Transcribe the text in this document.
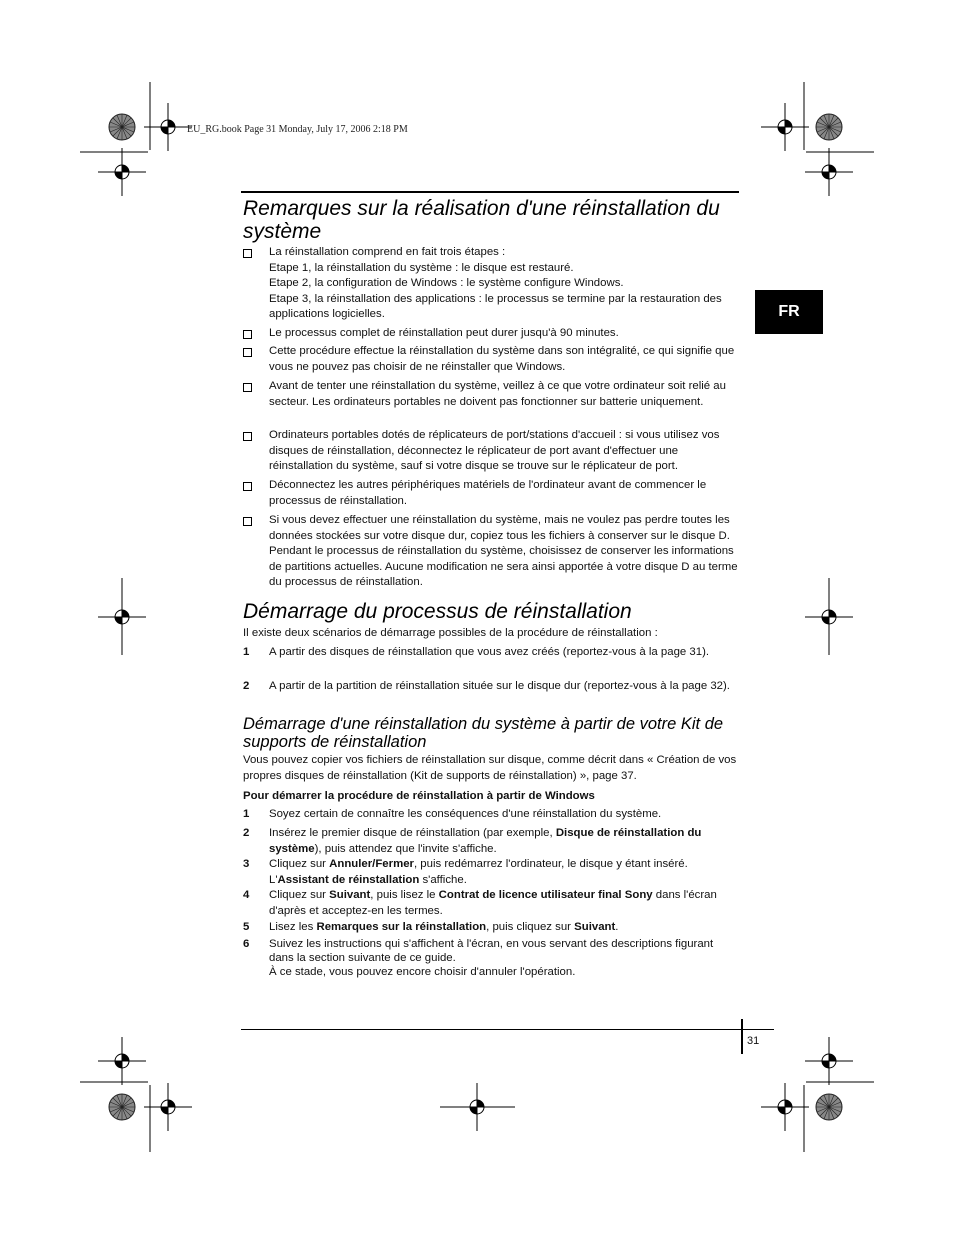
EU_RG.book Page 31 Monday, July 17, 2006 2:18 PM
Remarques sur la réalisation d'une réinstallation du
système
FR
La réinstallation comprend en fait trois étapes :
Etape 1, la réinstallation du système : le disque est restauré.
Etape 2, la configuration de Windows : le système configure Windows.
Etape 3, la réinstallation des applications : le processus se termine par la restauration des applications logicielles.
Le processus complet de réinstallation peut durer jusqu'à 90 minutes.
Cette procédure effectue la réinstallation du système dans son intégralité, ce qui signifie que vous ne pouvez pas choisir de ne réinstaller que Windows.
Avant de tenter une réinstallation du système, veillez à ce que votre ordinateur soit relié au secteur. Les ordinateurs portables ne doivent pas fonctionner sur batterie uniquement.
Ordinateurs portables dotés de réplicateurs de port/stations d'accueil : si vous utilisez vos disques de réinstallation, déconnectez le réplicateur de port avant d'effectuer une réinstallation du système, sauf si votre disque se trouve sur le réplicateur de port.
Déconnectez les autres périphériques matériels de l'ordinateur avant de commencer le processus de réinstallation.
Si vous devez effectuer une réinstallation du système, mais ne voulez pas perdre toutes les données stockées sur votre disque dur, copiez tous les fichiers à conserver sur le disque D. Pendant le processus de réinstallation du système, choisissez de conserver les informations de partitions actuelles. Aucune modification ne sera ainsi apportée à votre disque D au terme du processus de réinstallation.
Démarrage du processus de réinstallation
Il existe deux scénarios de démarrage possibles de la procédure de réinstallation :
1 A partir des disques de réinstallation que vous avez créés (reportez-vous à la page 31).
2 A partir de la partition de réinstallation située sur le disque dur (reportez-vous à la page 32).
Démarrage d'une réinstallation du système à partir de votre Kit de
supports de réinstallation
Vous pouvez copier vos fichiers de réinstallation sur disque, comme décrit dans « Création de vos propres disques de réinstallation (Kit de supports de réinstallation) », page 37.
Pour démarrer la procédure de réinstallation à partir de Windows
1 Soyez certain de connaître les conséquences d'une réinstallation du système.
2 Insérez le premier disque de réinstallation (par exemple, Disque de réinstallation du système), puis attendez que l'invite s'affiche.
3 Cliquez sur Annuler/Fermer, puis redémarrez l'ordinateur, le disque y étant inséré. L'Assistant de réinstallation s'affiche.
4 Cliquez sur Suivant, puis lisez le Contrat de licence utilisateur final Sony dans l'écran d'après et acceptez-en les termes.
5 Lisez les Remarques sur la réinstallation, puis cliquez sur Suivant.
6 Suivez les instructions qui s'affichent à l'écran, en vous servant des descriptions figurant dans la section suivante de ce guide.
À ce stade, vous pouvez encore choisir d'annuler l'opération.
31
